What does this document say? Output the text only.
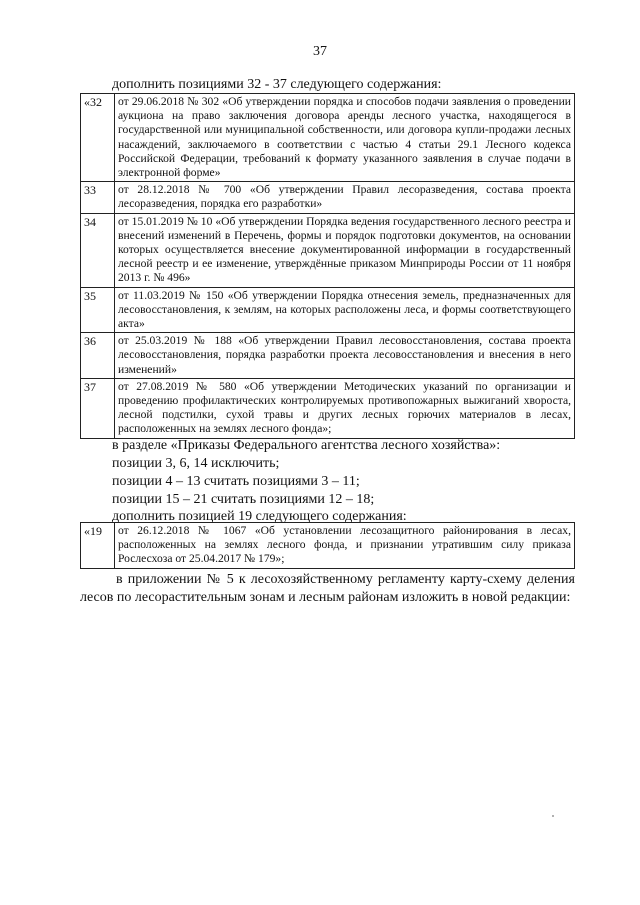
37
дополнить позициями 32 - 37 следующего содержания:
«32	от 29.06.2018 № 302 «Об утверждении порядка и способов подачи заявления о проведении аукциона на право заключения договора аренды лесного участка, находящегося в государственной или муниципальной собственности, или договора купли-продажи лесных насаждений, заключаемого в соответствии с частью 4 статьи 29.1 Лесного кодекса Российской Федерации, требований к формату указанного заявления в случае подачи в электронной форме»
33	от 28.12.2018 № 700 «Об утверждении Правил лесоразведения, состава проекта лесоразведения, порядка его разработки»
34	от 15.01.2019 № 10 «Об утверждении Порядка ведения государственного лесного реестра и внесений изменений в Перечень, формы и порядок подготовки документов, на основании которых осуществляется внесение документированной информации в государственный лесной реестр и ее изменение, утверждённые приказом Минприроды России от 11 ноября 2013 г. № 496»
35	от 11.03.2019 № 150 «Об утверждении Порядка отнесения земель, предназначенных для лесовосстановления, к землям, на которых расположены леса, и формы соответствующего акта»
36	от 25.03.2019 № 188 «Об утверждении Правил лесовосстановления, состава проекта лесовосстановления, порядка разработки проекта лесовосстановления и внесения в него изменений»
37	от 27.08.2019 № 580 «Об утверждении Методических указаний по организации и проведению профилактических контролируемых противопожарных выжиганий хвороста, лесной подстилки, сухой травы и других лесных горючих материалов в лесах, расположенных на землях лесного фонда»;
в разделе «Приказы Федерального агентства лесного хозяйства»:
позиции 3, 6, 14 исключить;
позиции 4 – 13 считать позициями 3 – 11;
позиции 15 – 21 считать позициями 12 – 18;
дополнить позицией 19 следующего содержания:
«19	от 26.12.2018 № 1067 «Об установлении лесозащитного районирования в лесах, расположенных на землях лесного фонда, и признании утратившим силу приказа Рослесхоза от 25.04.2017 № 179»;
в приложении № 5 к лесохозяйственному регламенту карту-схему деления лесов по лесорастительным зонам и лесным районам изложить в новой редакции:
